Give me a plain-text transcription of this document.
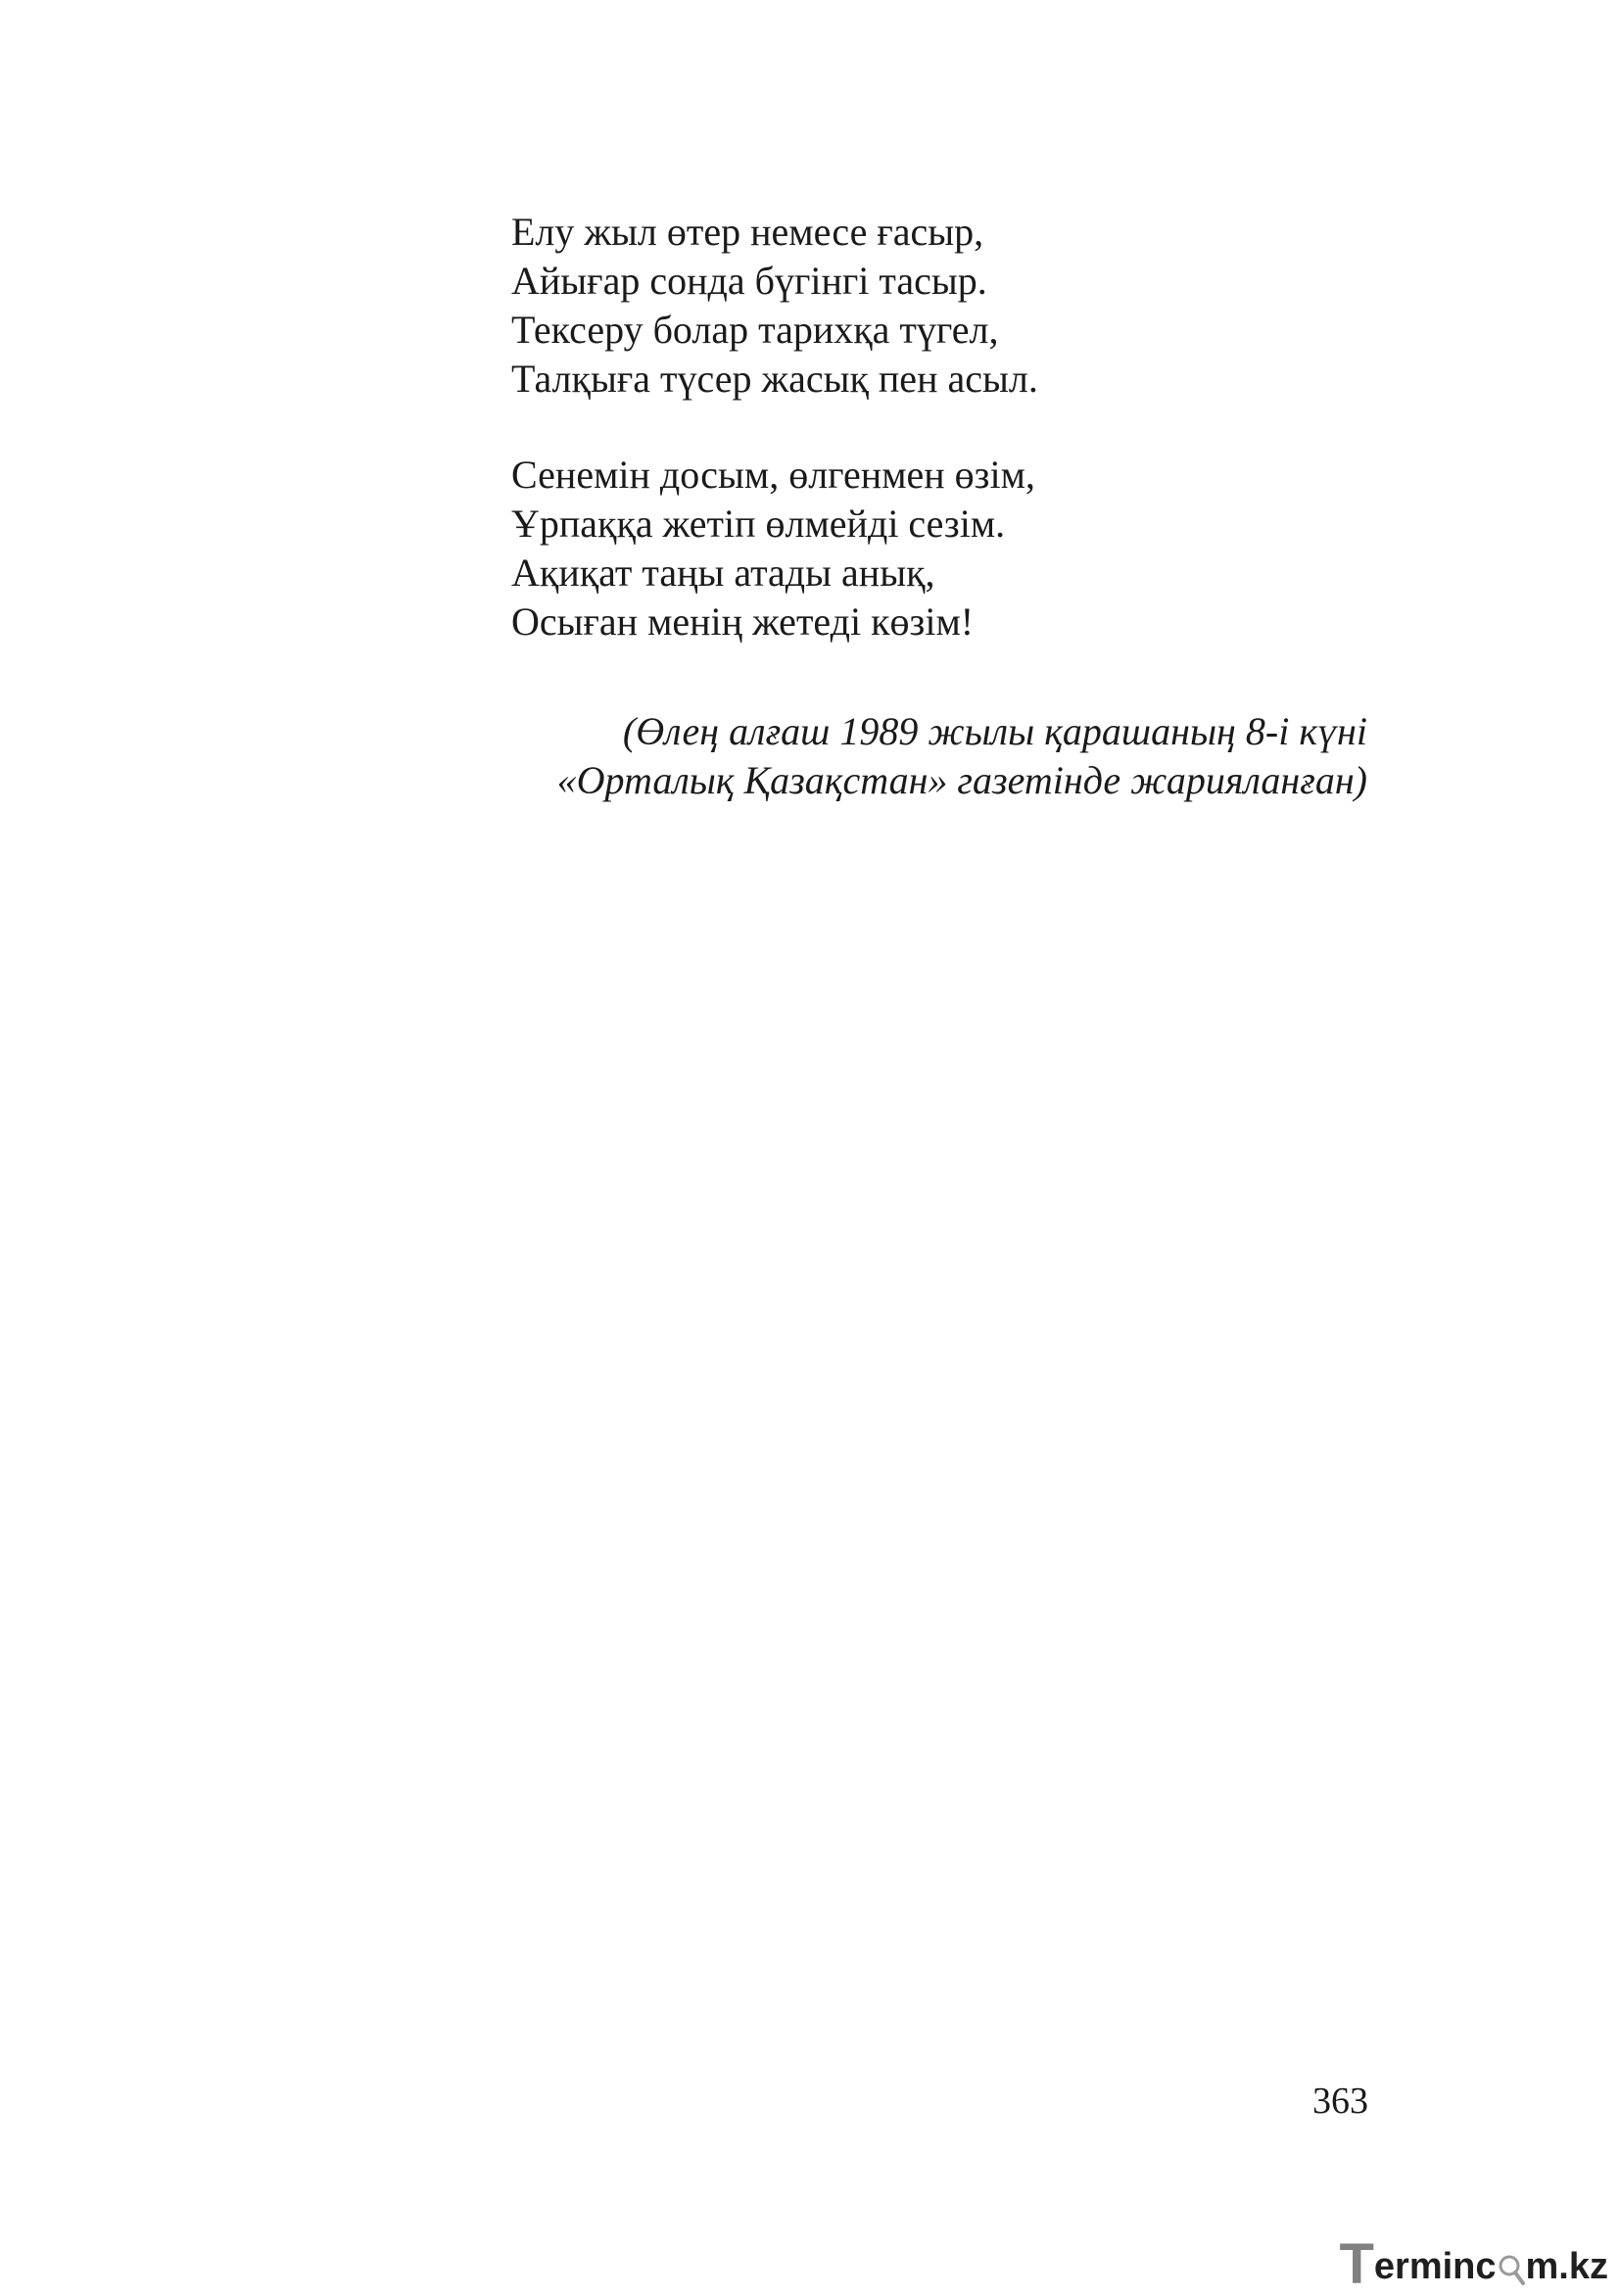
Елу жыл өтер немесе ғасыр,
Айығар сонда бүгінгі тасыр.
Тексеру болар тарихқа түгел,
Талқыға түсер жасық пен асыл.
Сенемін досым, өлгенмен өзім,
Ұрпаққа жетіп өлмейді сезім.
Ақиқат таңы атады анық,
Осыған менің жетеді көзім!
(Өлең алғаш 1989 жылы қарашаның 8-і күні
«Орталық Қазақстан» газетінде жарияланған)
363
T erminc m.kz
